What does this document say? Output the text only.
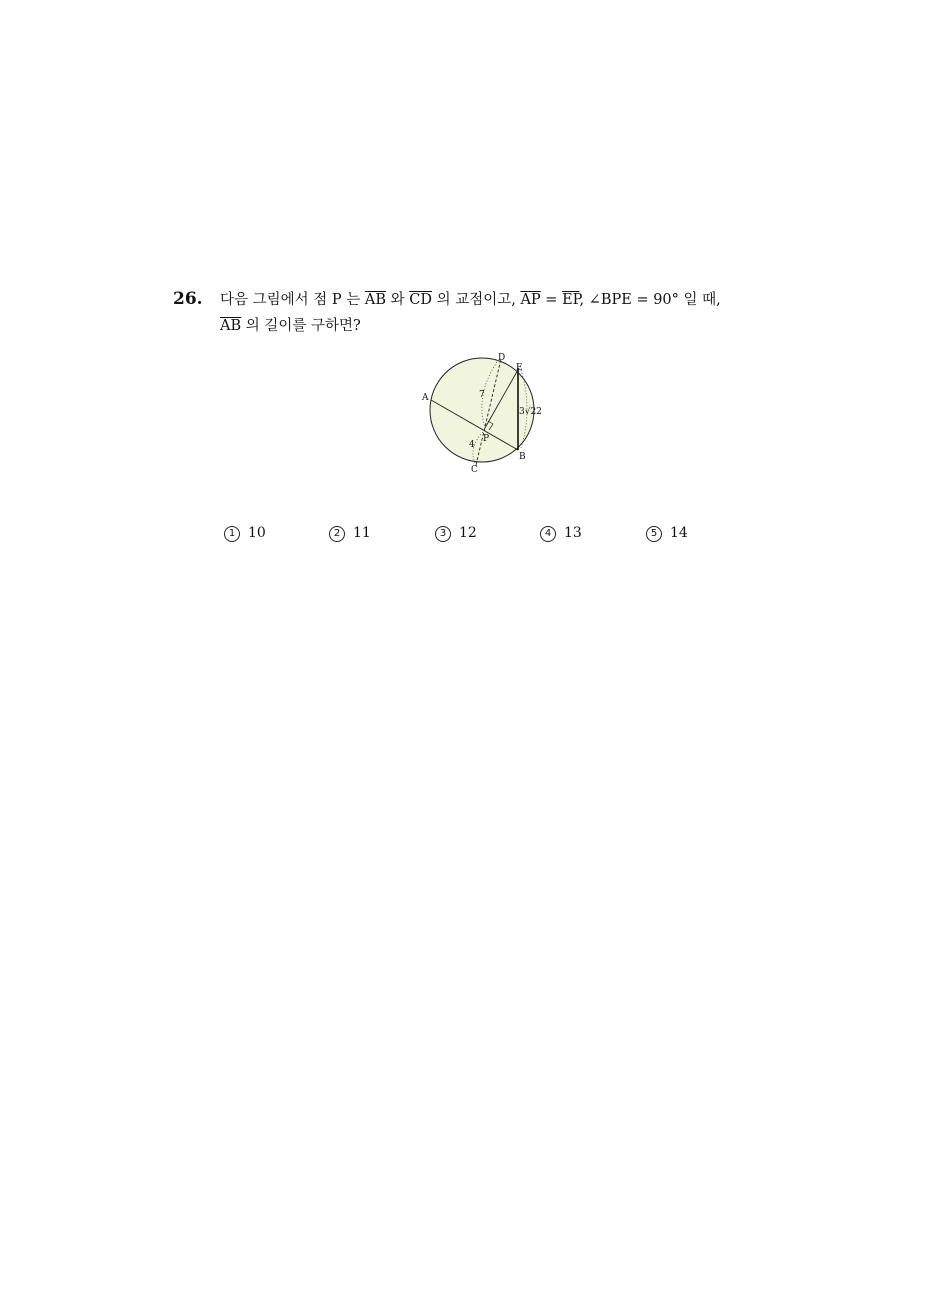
26. 다음 그림에서 점 P 는 $\overline{AB}$ 와 $\overline{CD}$ 의 교점이고, $\overline{AP} = \overline{EP}$, ∠BPE = 90° 일 때,
$\overline{AB}$ 의 길이를 구하면?
A
B
C
D
E
P
7
4
3√22
1 10	2 11	3 12	4 13	5 14
